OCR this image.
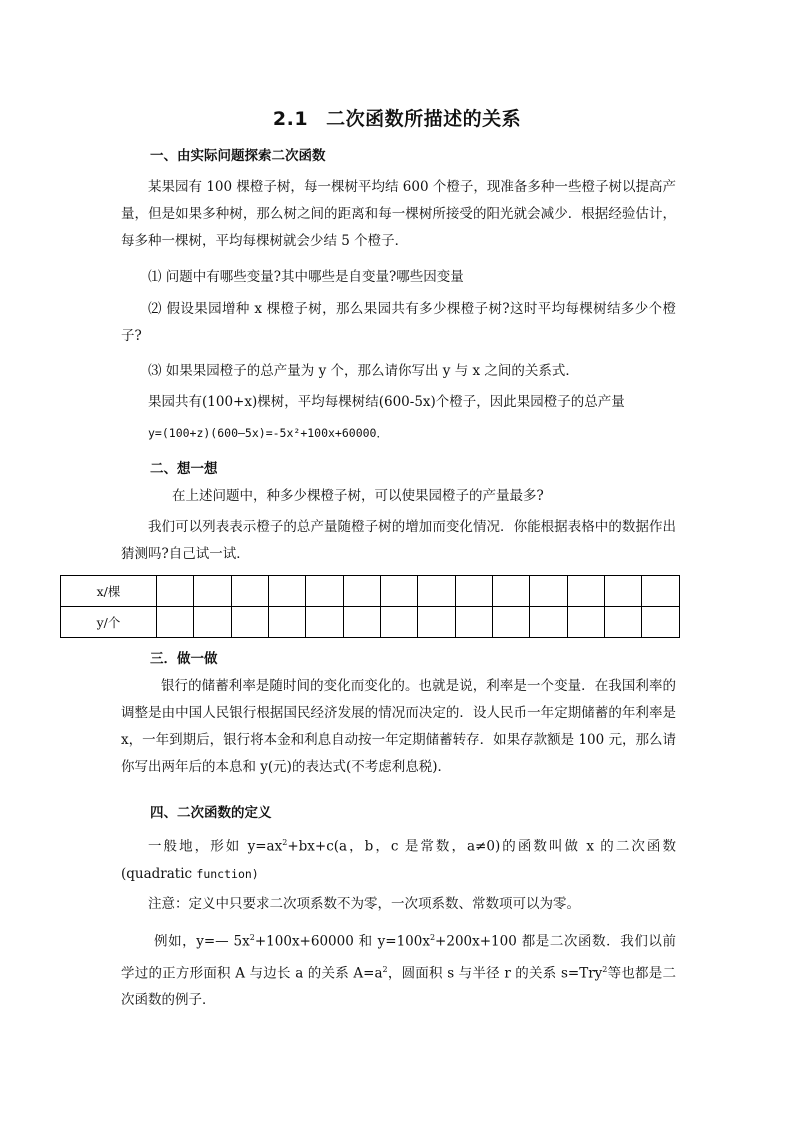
2.1 二次函数所描述的关系
一、由实际问题探索二次函数
某果园有 100 棵橙子树，每一棵树平均结 600 个橙子，现准备多种一些橙子树以提高产量，但是如果多种树，那么树之间的距离和每一棵树所接受的阳光就会减少．根据经验估计，每多种一棵树，平均每棵树就会少结 5 个橙子．
⑴ 问题中有哪些变量?其中哪些是自变量?哪些因变量
⑵ 假设果园增种 x 棵橙子树，那么果园共有多少棵橙子树?这时平均每棵树结多少个橙子?
⑶ 如果果园橙子的总产量为 y 个，那么请你写出 y 与 x 之间的关系式．
果园共有(100+x)棵树，平均每棵树结(600-5x)个橙子，因此果园橙子的总产量
y=(100+z)(600—5x)=-5x²+100x+60000．
二、想一想
在上述问题中，种多少棵橙子树，可以使果园橙子的产量最多?
我们可以列表表示橙子的总产量随橙子树的增加而变化情况．你能根据表格中的数据作出猜测吗?自己试一试．
x/棵														
y/个														
三．做一做
银行的储蓄利率是随时间的变化而变化的。也就是说，利率是一个变量．在我国利率的调整是由中国人民银行根据国民经济发展的情况而决定的．设人民币一年定期储蓄的年利率是 x，一年到期后，银行将本金和利息自动按一年定期储蓄转存．如果存款额是 100 元，那么请你写出两年后的本息和 y(元)的表达式(不考虑利息税)．
四、二次函数的定义
一般地，形如 $y=ax^2+bx+c(a$，b，c 是常数，a≠0)的函数叫做 x 的二次函数(quadratic function)
注意：定义中只要求二次项系数不为零，一次项系数、常数项可以为零。
例如，y=— $5x^2+100x+60000$ 和 $y=100x^2+200x+100$ 都是二次函数．我们以前学过的正方形面积 A 与边长 a 的关系 $A=a^2$，圆面积 s 与半径 r 的关系 s=Try$^2$等也都是二次函数的例子．
